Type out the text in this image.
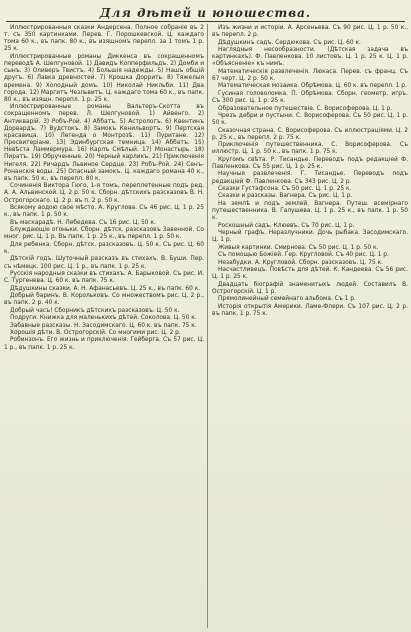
Для дѣтей и юношества.

Иллюстрированныя сказки Андерсена. Полное собраніе въ 2 т. съ 350 картинками. Перев. Г. Порошкевской. Ц. каждаго тома 60 к., въ папк. 80 к., въ изящномъ перепл. за 1 томъ 1 р. 25 к.

Иллюстрированные романы Диккенса въ сокращенномъ переводѣ А. Шелгуновой. 1) Давидъ Копперфильдъ. 2) Домби и сынъ. 3) Оливеръ Твистъ. 4) Большія надежды. 5) Нашъ общій другъ. 6) Лавка древностей. 7) Крошка Доррить. 8) Тяжелыя времена. 9) Холодный домъ. 10) Николай Никльби. 11) Два города. 12) Маргитъ Чезльвитъ. Ц. каждаго тома 60 к., въ папк. 80 к., въ изящн. перепл. 1 р. 25 к.

Иллюстрированные романы Вальтеръ-Скотта въ сокращенномъ перев. Л. Шелгуновой. 1) Айвенго. 2) Антикварій. 3) Робъ-Рой. 4) Аббатъ. 5) Астрологъ. 6) Квентинъ Дорвардъ. 7) Вудстокъ. 8) Замокъ Кенильвортъ. 9) Пертская красавица. 10) Легенда о Монтрозѣ. 11) Пуритане. 12) Пресвитеріане. 13) Эдинбургская темница. 14) Аббатъ. 15) Невѣста Ламмермура. 16) Карлъ Смѣлый. 17) Монастырь. 18) Пиратъ. 19) Обрученные. 20) Черный карликъ. 21) Приключенія Нигеля. 22) Ричардъ Львиное Сердце. 23) Робъ-Рой. 24) Сенъ-Ронанскія воды. 25) Опасный замокъ. Ц. каждаго романа 40 к., въ папк. 50 к., въ перепл. 80 к.

Сочиненія Виктора Гюго, 1-я томъ, переплетенные подъ ред. А. А. Альвинской. Ц. 2 р. 50 к. Сборн. дѣтскихъ разсказовъ В. Н. Острогорскаго. Ц. 2 р. въ п. 2 р. 50 к.

Всякому водою свое мѣсто. А. Круглова. Съ 46 рис. Ц. 1 р. 25 к., въ папк. 1 р. 50 к.

Въ маскарадѣ. Н. Лебедева. Съ 16 рис. Ц. 50 к.

Блуждающіе огоньки. Сборн. дѣтск. разсказовъ Завенной. Со мног. рис. Ц. 1 р. Въ папк. 1 р. 25 к., въ перепл. 1 р. 50 к.

Для ребенка. Сборн. дѣтск. разсказовъ. Ц. 50 к. Съ рис. Ц. 60 к.

Дѣтскій годъ. Шуточный разсказъ въ стихахъ. В. Буши. Пер. съ нѣмецк. 100 рис. Ц. 1 р., въ папк. 1 р. 25 к.

Русскія народныя сказки въ стихахъ. А. Барыковой. Съ рис. И. С. Тургенева. Ц. 60 к. въ папк. 75 к.

Дѣдушкины сказки. А. Н. Афанасьевъ. Ц. 25 к., въ папк. 60 к.

Добрый баринъ. В. Корольковъ. Со множествомъ рис. Ц. 2 р., въ папк. 2 р. 40 к.

Добрый часъ! Сборникъ дѣтскихъ разсказовъ. Ц. 50 к.

Подруги. Книжка для маленькихъ дѣтей. Соколова. Ц. 50 к.

Забавные разсказы. Н. Засодимскаго. Ц. 60 к. въ папк. 75 к.

Хорошія дѣти. В. Острогорскій. Со многими рис. Ц. 2 р.

Робинзонъ. Его жизнь и приключенія. Гейберга. Съ 57 рис. Ц. 1 р., въ папк. 1 р. 25 к.

Изъ жизни и исторіи. А. Арсеньева. Съ 90 рис. Ц. 1 р. 50 к., въ перепл. 2 р.

Дѣдушкинъ садъ. Сердюкова. Съ рис. Ц. 60 к.

Наглядныя несообразности. (Дѣтская задача въ картинкахъ). Ф. Павленкова. 10 листовъ. Ц. 1 р. 25 к. Ц. 1 р. «Объясненіе» къ нимъ.

Математическія развлеченія. Люкаса. Перев. съ франц. Съ 67 черт. Ц. 2 р. 50 к.

Математическая мозаика. Обрѣмова. Ц. 60 к. въ перепл. 1 р.

Гусиная головоломка. П. Обрѣмова. Сборн. геометр. игръ. Съ 300 рис. Ц. 1 р. 25 к.

Образовательное путешествіе. С. Ворисоферова. Ц. 1 р.

Чрезъ дебри и пустыни. С. Ворисоферова. Съ 50 рис. Ц. 1 р. 50 к.

Сказочная страна. С. Ворисоферова. Съ иллюстраціями. Ц. 2 р. 25 к., въ перепл. 2 р. 75 к.

Приключенія путешественника. С. Ворисоферова. Съ иллюстр. Ц. 1 р. 50 к., въ папк. 1 р. 75 к.

Кругомъ свѣта. Р. Тисандье. Переводъ подъ редакціей Ф. Павленкова. Съ 55 рис. Ц. 1 р. 25 к.

Научныя развлеченія. Г. Тисандье. Переводъ подъ редакціей Ф. Павленкова. Съ 343 рис. Ц. 2 р.

Сказки Густафсона. Съ 50 рис. Ц. 1 р. 25 к.

Сказки и разсказы. Вагнера. Съ рис. Ц. 1 р.

На землѣ и подъ землей. Вагнера. Путеш. всемірнаго путешественника. В. Галушева. Ц. 1 р. 25 к., въ папк. 1 р. 50 к.

Роскошный садъ. Клюевъ. Съ 70 рис. Ц. 1 р.

Черный графъ. Неразлучники. Дочь рыбака. Засодимскаго. Ц. 1 р.

Живыя картинки. Смирнова. Съ 50 рис. Ц. 1 р. 50 к.

Съ помощью Божіей. Гер. Кругловой. Съ 40 рис. Ц. 1 р.

Незабудки. А. Кругловой. Сборн. разсказовъ. Ц. 75 к.

Насчастливецъ. Повѣсть для дѣтей. К. Кандеева. Съ 56 рис. Ц. 1 р. 25 к.

Двадцать біографій знаменитыхъ людей. Составилъ В. Острогорскій. Ц. 1 р.

Прямолинейный семейнаго альбома. Съ 1 р.

Исторія открытія Америки. Ламе-Флери. Съ 107 рис. Ц. 2 р. въ папк. 1 р. 75 к.
